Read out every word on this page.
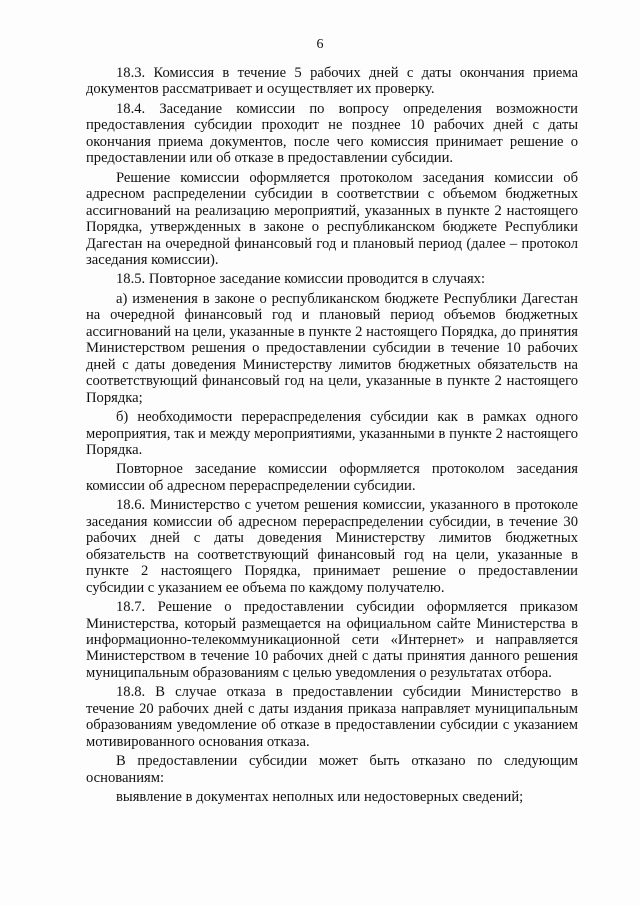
6

18.3. Комиссия в течение 5 рабочих дней с даты окончания приема документов рассматривает и осуществляет их проверку.

18.4. Заседание комиссии по вопросу определения возможности предоставления субсидии проходит не позднее 10 рабочих дней с даты окончания приема документов, после чего комиссия принимает решение о предоставлении или об отказе в предоставлении субсидии.

Решение комиссии оформляется протоколом заседания комиссии об адресном распределении субсидии в соответствии с объемом бюджетных ассигнований на реализацию мероприятий, указанных в пункте 2 настоящего Порядка, утвержденных в законе о республиканском бюджете Республики Дагестан на очередной финансовый год и плановый период (далее – протокол заседания комиссии).

18.5. Повторное заседание комиссии проводится в случаях:

а) изменения в законе о республиканском бюджете Республики Дагестан на очередной финансовый год и плановый период объемов бюджетных ассигнований на цели, указанные в пункте 2 настоящего Порядка, до принятия Министерством решения о предоставлении субсидии в течение 10 рабочих дней с даты доведения Министерству лимитов бюджетных обязательств на соответствующий финансовый год на цели, указанные в пункте 2 настоящего Порядка;

б) необходимости перераспределения субсидии как в рамках одного мероприятия, так и между мероприятиями, указанными в пункте 2 настоящего Порядка.

Повторное заседание комиссии оформляется протоколом заседания комиссии об адресном перераспределении субсидии.

18.6. Министерство с учетом решения комиссии, указанного в протоколе заседания комиссии об адресном перераспределении субсидии, в течение 30 рабочих дней с даты доведения Министерству лимитов бюджетных обязательств на соответствующий финансовый год на цели, указанные в пункте 2 настоящего Порядка, принимает решение о предоставлении субсидии с указанием ее объема по каждому получателю.

18.7. Решение о предоставлении субсидии оформляется приказом Министерства, который размещается на официальном сайте Министерства в информационно-телекоммуникационной сети «Интернет» и направляется Министерством в течение 10 рабочих дней с даты принятия данного решения муниципальным образованиям с целью уведомления о результатах отбора.

18.8. В случае отказа в предоставлении субсидии Министерство в течение 20 рабочих дней с даты издания приказа направляет муниципальным образованиям уведомление об отказе в предоставлении субсидии с указанием мотивированного основания отказа.

В предоставлении субсидии может быть отказано по следующим основаниям:

выявление в документах неполных или недостоверных сведений;
